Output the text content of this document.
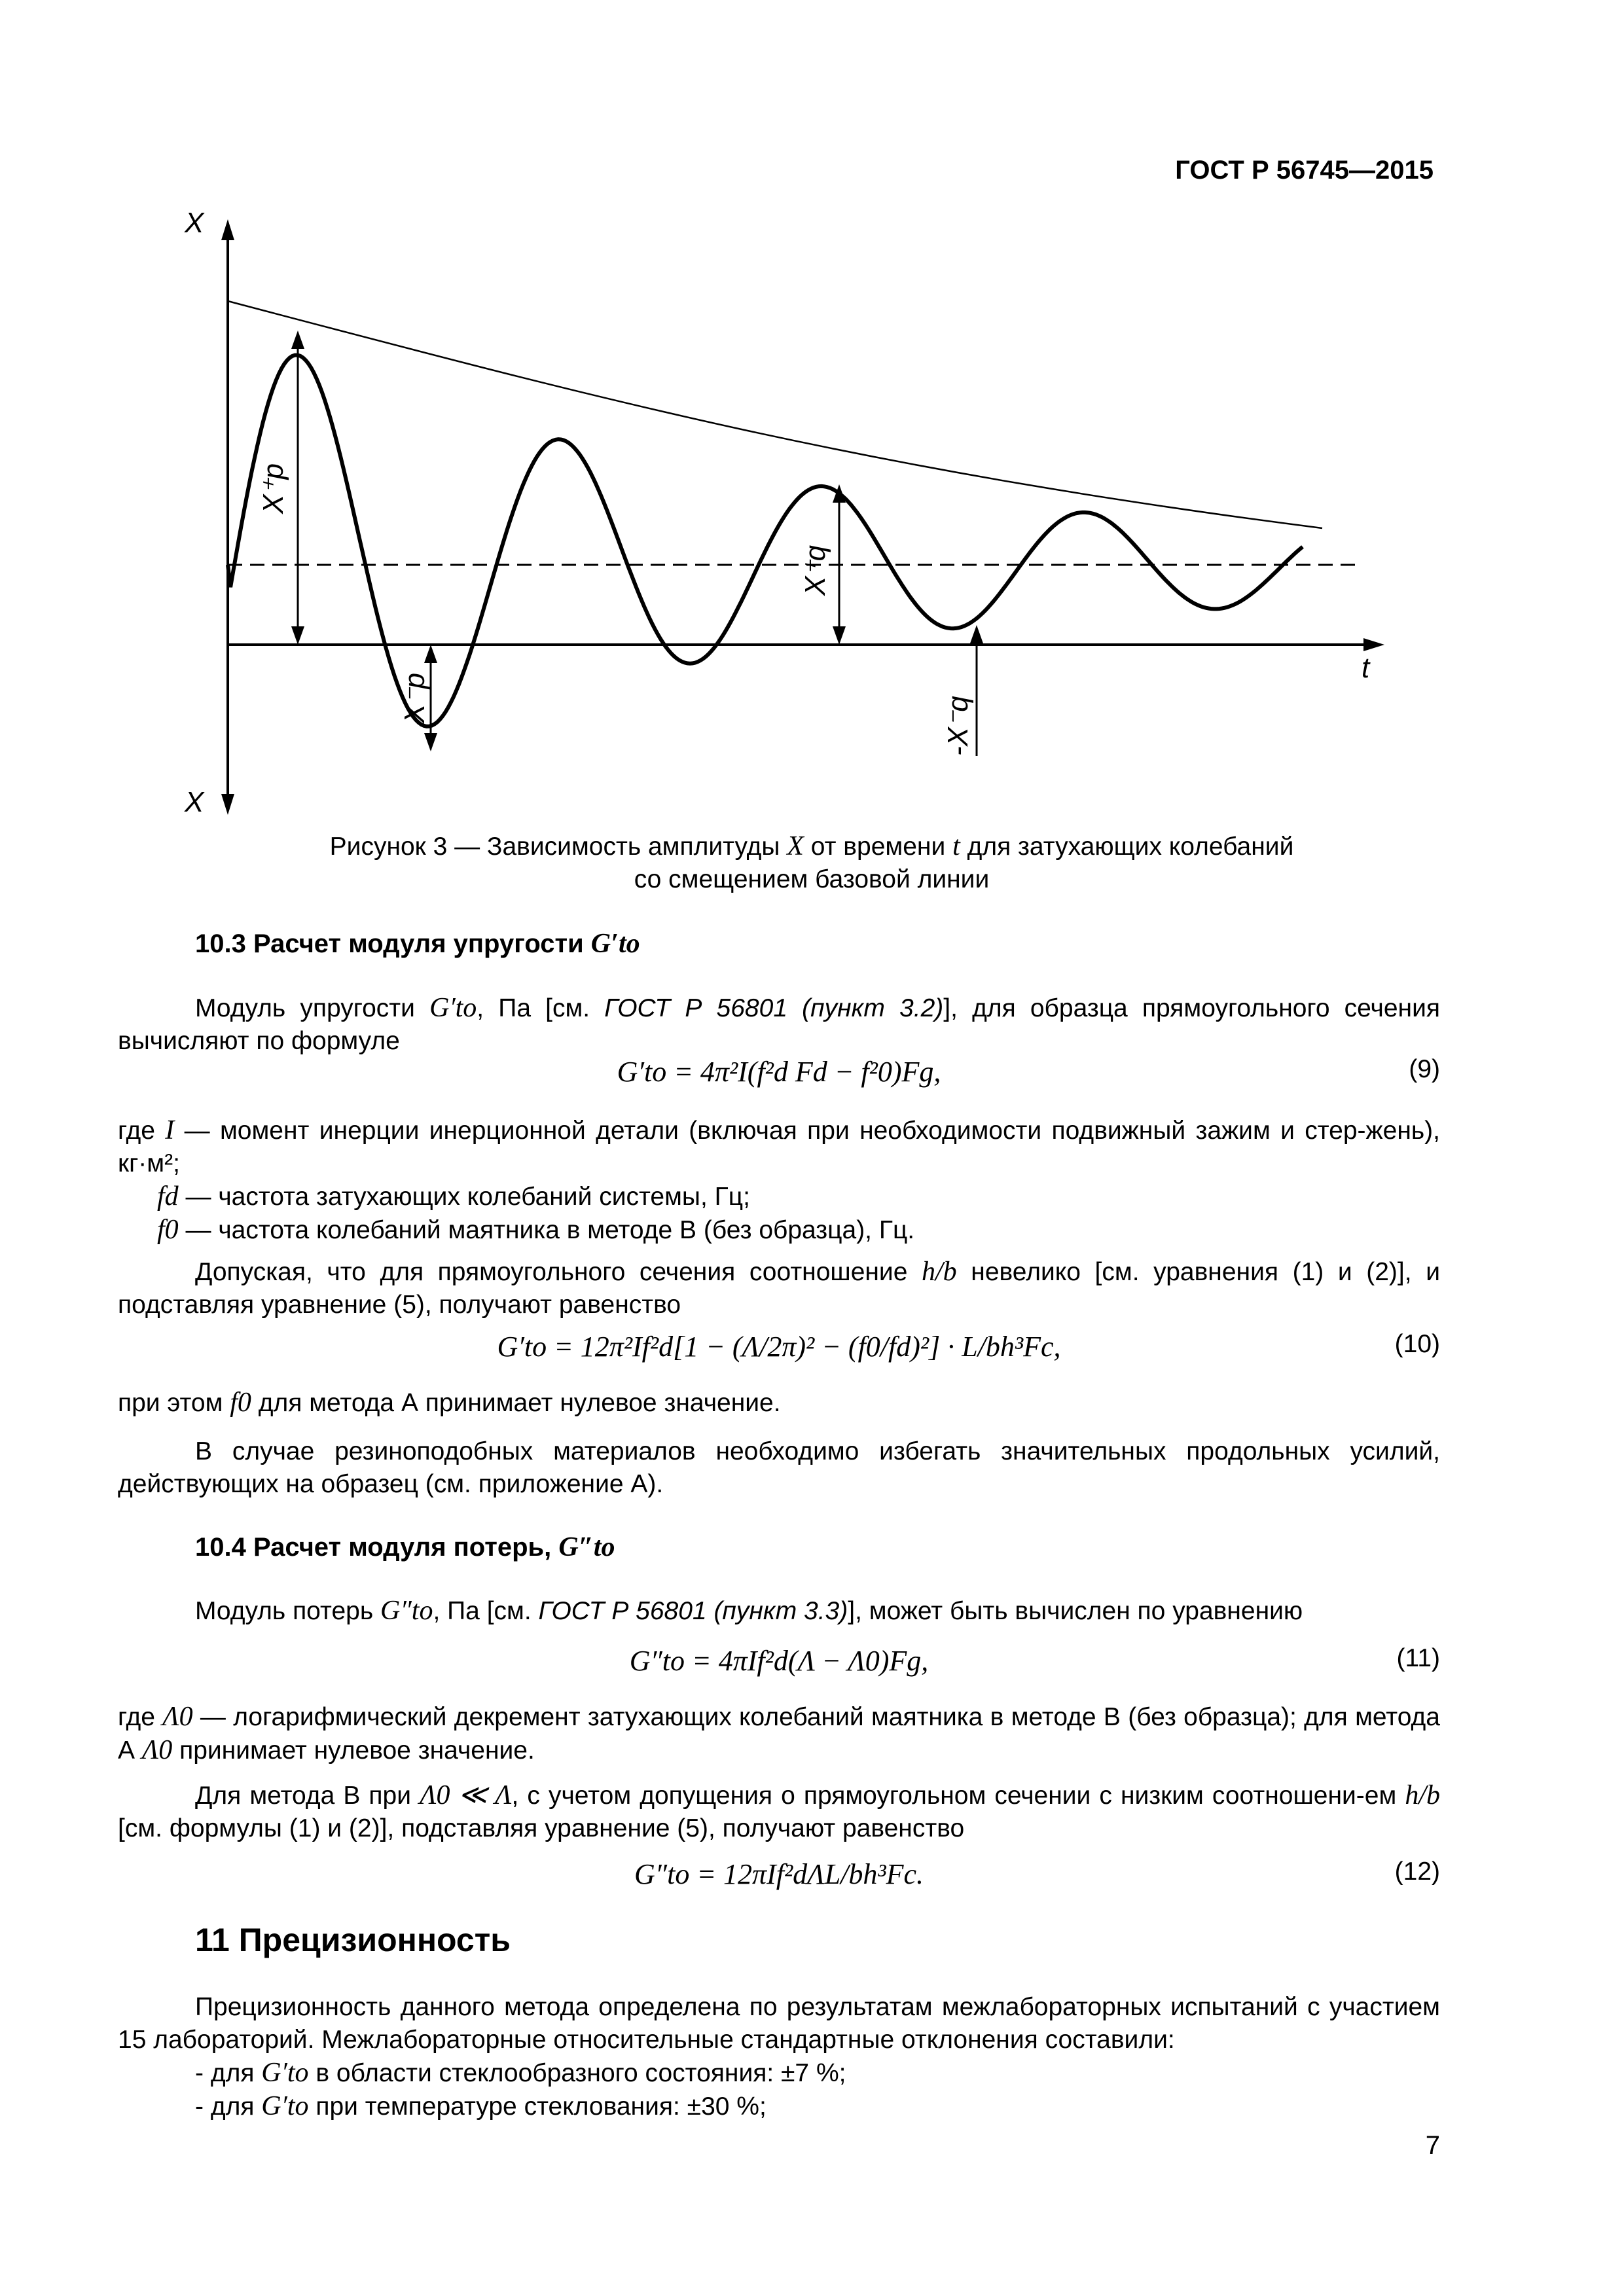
ГОСТ Р 56745—2015
X
X
t
X⁺p
X⁻p
X⁺q
-X⁻q
Рисунок 3 — Зависимость амплитуды X от времени t для затухающих колебаний
со смещением базовой линии
10.3 Расчет модуля упругости G′to
Модуль упругости G′to, Па [см. ГОСТ Р 56801 (пункт 3.2)], для образца прямоугольного сечения вычисляют по формуле
G′to = 4π²I(f²d Fd − f²0)Fg,	(9)
где I — момент инерции инерционной детали (включая при необходимости подвижный зажим и стер-жень), кг·м²;
fd — частота затухающих колебаний системы, Гц;
f0 — частота колебаний маятника в методе В (без образца), Гц.
Допуская, что для прямоугольного сечения соотношение h/b невелико [см. уравнения (1) и (2)], и подставляя уравнение (5), получают равенство
G′to = 12π²If²d[1 − (Λ/2π)² − (f0/fd)²] · L/bh³Fc,	(10)
при этом f0 для метода А принимает нулевое значение.
В случае резиноподобных материалов необходимо избегать значительных продольных усилий, действующих на образец (см. приложение А).
10.4 Расчет модуля потерь, G″to
Модуль потерь G″to, Па [см. ГОСТ Р 56801 (пункт 3.3)], может быть вычислен по уравнению
G″to = 4πIf²d(Λ − Λ0)Fg,	(11)
где Λ0 — логарифмический декремент затухающих колебаний маятника в методе В (без образца); для метода А Λ0 принимает нулевое значение.
Для метода В при Λ0 ≪ Λ, с учетом допущения о прямоугольном сечении с низким соотношени-ем h/b [см. формулы (1) и (2)], подставляя уравнение (5), получают равенство
G″to = 12πIf²dΛL/bh³Fc.	(12)
11 Прецизионность
Прецизионность данного метода определена по результатам межлабораторных испытаний с участием 15 лабораторий. Межлабораторные относительные стандартные отклонения составили:
- для G′to в области стеклообразного состояния: ±7 %;
- для G′to при температуре стеклования: ±30 %;
7
